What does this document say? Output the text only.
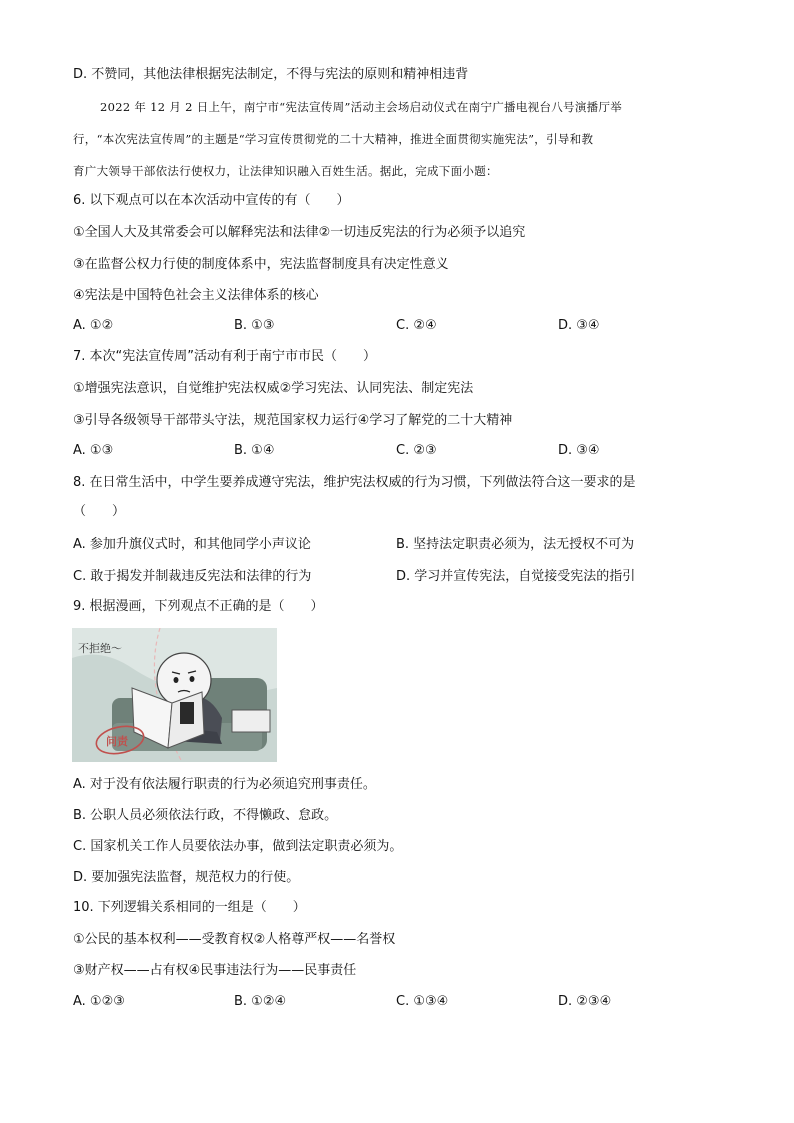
D. 不赞同，其他法律根据宪法制定，不得与宪法的原则和精神相违背
2022 年 12 月 2 日上午，南宁市“宪法宣传周”活动主会场启动仪式在南宁广播电视台八号演播厅举
行，“本次宪法宣传周”的主题是“学习宣传贯彻党的二十大精神，推进全面贯彻实施宪法”，引导和教
育广大领导干部依法行使权力，让法律知识融入百姓生活。据此，完成下面小题：
6. 以下观点可以在本次活动中宣传的有（　　）
①全国人大及其常委会可以解释宪法和法律②一切违反宪法的行为必须予以追究
③在监督公权力行使的制度体系中，宪法监督制度具有决定性意义
④宪法是中国特色社会主义法律体系的核心
A. ①②	B. ①③	C. ②④	D. ③④
7. 本次“宪法宣传周”活动有利于南宁市市民（　　）
①增强宪法意识，自觉维护宪法权威②学习宪法、认同宪法、制定宪法
③引导各级领导干部带头守法，规范国家权力运行④学习了解党的二十大精神
A. ①③	B. ①④	C. ②③	D. ③④
8. 在日常生活中，中学生要养成遵守宪法，维护宪法权威的行为习惯，下列做法符合这一要求的是
（　　）
A. 参加升旗仪式时，和其他同学小声议论	B. 坚持法定职责必须为，法无授权不可为
C. 敢于揭发并制裁违反宪法和法律的行为	D. 学习并宣传宪法，自觉接受宪法的指引
9. 根据漫画，下列观点不正确的是（　　）
不拒绝～
问责
A. 对于没有依法履行职责的行为必须追究刑事责任。
B. 公职人员必须依法行政，不得懒政、怠政。
C. 国家机关工作人员要依法办事，做到法定职责必须为。
D. 要加强宪法监督，规范权力的行使。
10. 下列逻辑关系相同的一组是（　　）
①公民的基本权利——受教育权②人格尊严权——名誉权
③财产权——占有权④民事违法行为——民事责任
A. ①②③	B. ①②④	C. ①③④	D. ②③④
